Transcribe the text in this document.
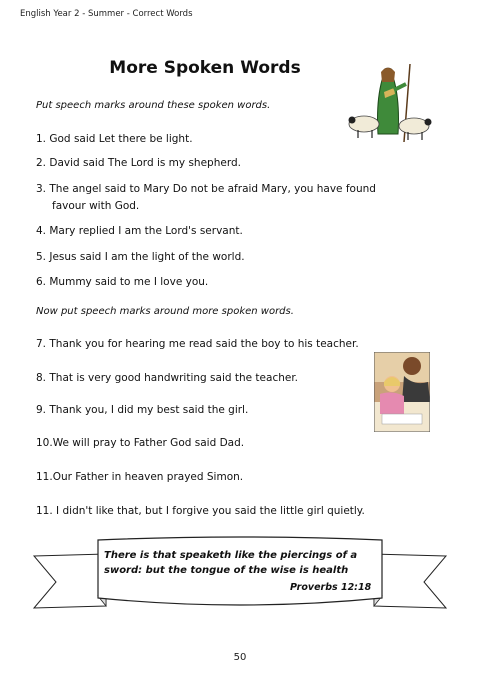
English Year 2 - Summer - Correct Words
More Spoken Words
Put speech marks around these spoken words.
1. God said Let there be light.
2. David said The Lord is my shepherd.
3. The angel said to Mary Do not be afraid Mary, you have found
favour with God.
4. Mary replied I am the Lord's servant.
5. Jesus said I am the light of the world.
6. Mummy said to me I love you.
Now put speech marks around more spoken words.
7. Thank you for hearing me read said the boy to his teacher.
8. That is very good handwriting said the teacher.
9. Thank you, I did my best said the girl.
10.We will pray to Father God said Dad.
11.Our Father in heaven prayed Simon.
11. I didn't like that, but I forgive you said the little girl quietly.
There is that speaketh like the piercings of a
sword: but the tongue of the wise is health
Proverbs 12:18
50
